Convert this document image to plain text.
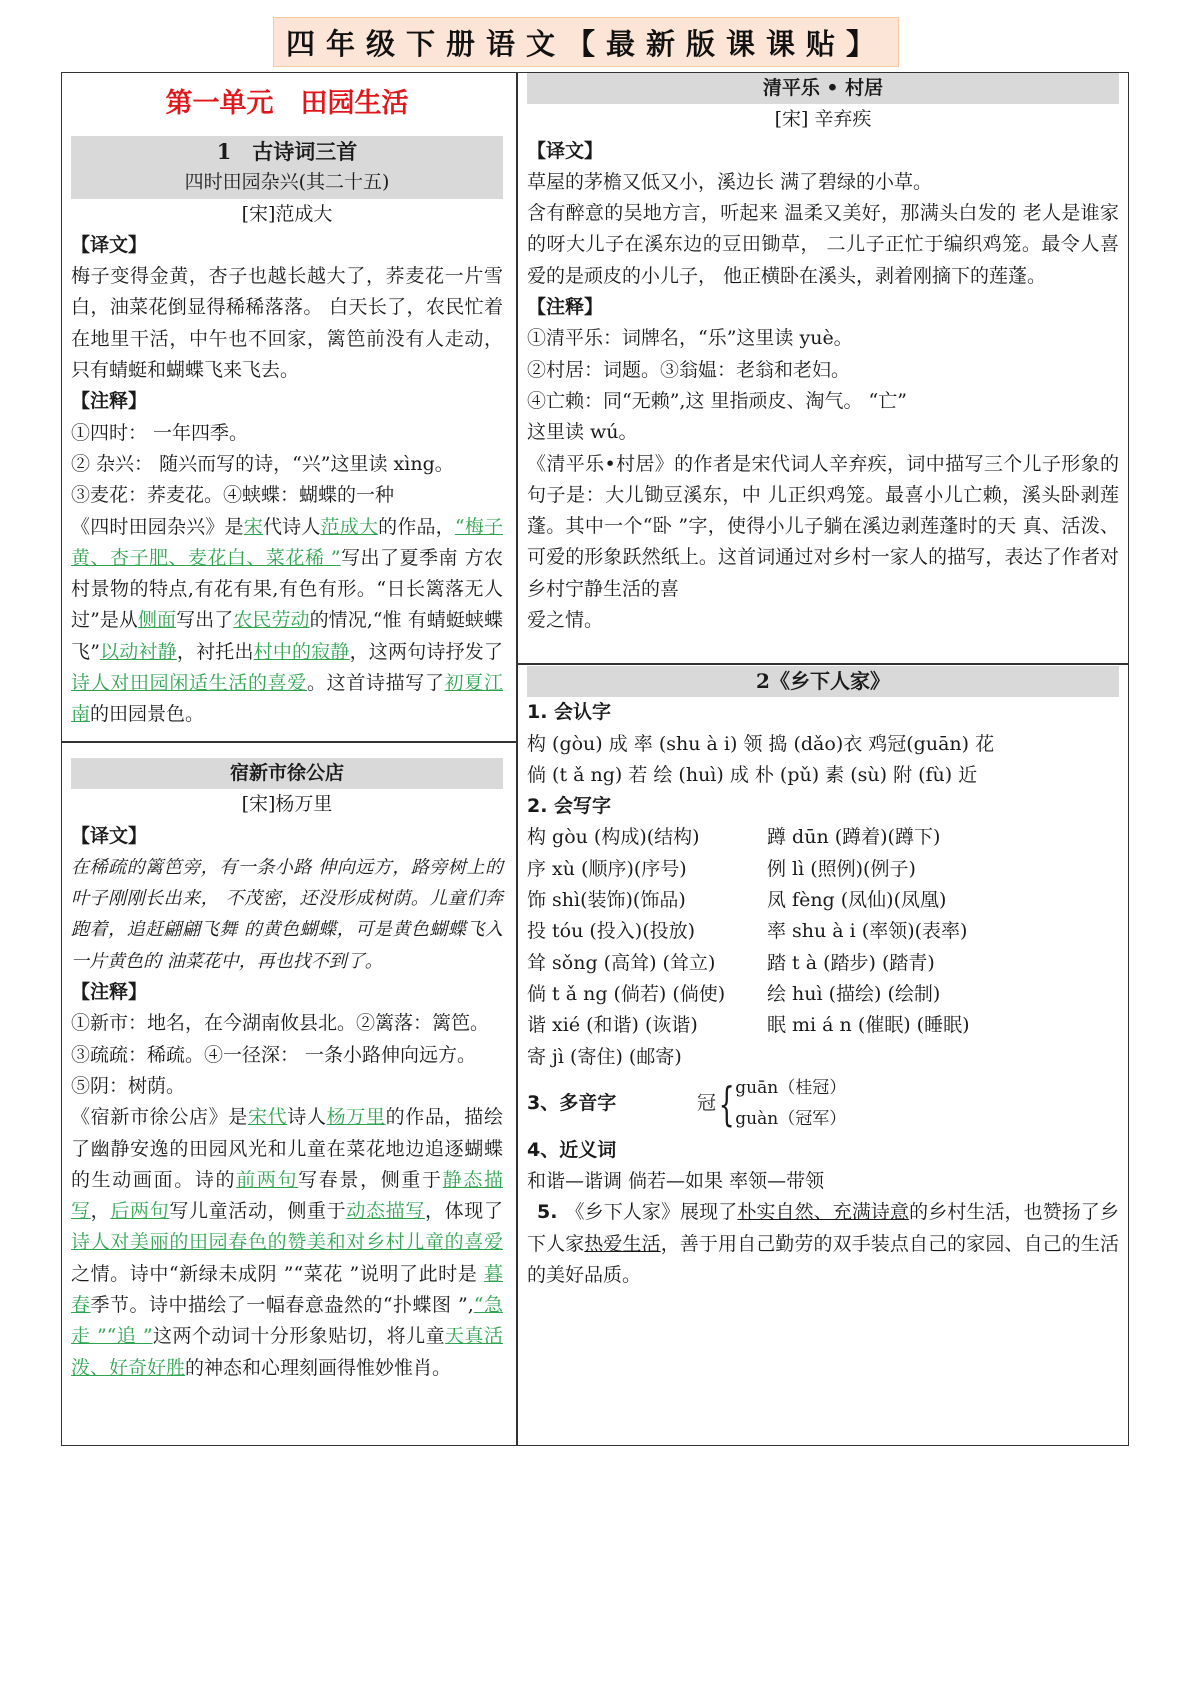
四年级下册语文【最新版课课贴】

第一单元　田园生活

1　古诗词三首

四时田园杂兴(其二十五)

[宋]范成大

【译文】

梅子变得金黄，杏子也越长越大了，荞麦花一片雪白，油菜花倒显得稀稀落落。 白天长了，农民忙着在地里干活，中午也不回家，篱笆前没有人走动，只有蜻蜓和蝴蝶飞来飞去。

【注释】

①四时： 一年四季。

② 杂兴： 随兴而写的诗，“兴”这里读 xìng。

③麦花：荞麦花。④蛱蝶：蝴蝶的一种

《四时田园杂兴》是宋代诗人范成大的作品，“梅子黄、杏子肥、麦花白、菜花稀 ”写出了夏季南 方农村景物的特点,有花有果,有色有形。“日长篱落无人过”是从侧面写出了农民劳动的情况,“惟 有蜻蜓蛱蝶飞”以动衬静，衬托出村中的寂静，这两句诗抒发了诗人对田园闲适生活的喜爱。这首诗描写了初夏江南的田园景色。

宿新市徐公店

[宋]杨万里

【译文】

在稀疏的篱笆旁，有一条小路 伸向远方，路旁树上的叶子刚刚长出来， 不茂密，还没形成树荫。儿童们奔跑着，追赶翩翩飞舞 的黄色蝴蝶，可是黄色蝴蝶飞入一片黄色的 油菜花中，再也找不到了。

【注释】

①新市：地名，在今湖南攸县北。②篱落：篱笆。

③疏疏：稀疏。④一径深： 一条小路伸向远方。

⑤阴：树荫。

《宿新市徐公店》是宋代诗人杨万里的作品，描绘了幽静安逸的田园风光和儿童在菜花地边追逐蝴蝶的生动画面。诗的前两句写春景，侧重于静态描写，后两句写儿童活动，侧重于动态描写，体现了 诗人对美丽的田园春色的赞美和对乡村儿童的喜爱之情。诗中“新绿未成阴 ”“菜花 ”说明了此时是 暮春季节。诗中描绘了一幅春意盎然的“扑蝶图 ”,“急走 ”“追 ”这两个动词十分形象贴切，将儿童天真活泼、好奇好胜的神态和心理刻画得惟妙惟肖。

清平乐 • 村居

[宋] 辛弃疾

【译文】

草屋的茅檐又低又小，溪边长 满了碧绿的小草。

含有醉意的吴地方言，听起来 温柔又美好，那满头白发的 老人是谁家的呀大儿子在溪东边的豆田锄草， 二儿子正忙于编织鸡笼。最令人喜爱的是顽皮的小儿子， 他正横卧在溪头，剥着刚摘下的莲蓬。

【注释】

①清平乐：词牌名，“乐”这里读 yuè。

②村居：词题。③翁媪：老翁和老妇。

④亡赖：同“无赖”,这 里指顽皮、淘气。 “亡”

这里读 wú。

《清平乐•村居》的作者是宋代词人辛弃疾，词中描写三个儿子形象的句子是：大儿锄豆溪东，中 儿正织鸡笼。最喜小儿亡赖，溪头卧剥莲蓬。其中一个“卧 ”字，使得小儿子躺在溪边剥莲蓬时的天 真、活泼、可爱的形象跃然纸上。这首词通过对乡村一家人的描写，表达了作者对乡村宁静生活的喜

爱之情。

2《乡下人家》

1. 会认字

构 (gòu) 成 率 (shu à i) 领 捣 (dǎo)衣 鸡冠(guān) 花

倘 (t ǎ ng) 若 绘 (huì) 成 朴 (pǔ) 素 (sù) 附 (fù) 近

2. 会写字

构 gòu (构成)(结构)	蹲 dūn (蹲着)(蹲下)

序 xù (顺序)(序号)	例 lì (照例)(例子)

饰 shì(装饰)(饰品)	凤 fèng (凤仙)(凤凰)

投 tóu (投入)(投放)	率 shu à i (率领)(表率)

耸 sǒng (高耸) (耸立)	踏 t à (踏步) (踏青)

倘 t ǎ ng (倘若) (倘使)	绘 huì (描绘) (绘制)

谐 xié (和谐) (诙谐)	眠 mi á n (催眠) (睡眠)

寄 jì (寄住) (邮寄)

3、多音字	冠 { guān（桂冠）
guàn（冠军）

4、近义词

和谐—谐调 倘若—如果 率领—带领

5. 《乡下人家》展现了朴实自然、充满诗意的乡村生活，也赞扬了乡下人家热爱生活，善于用自己勤劳的双手装点自己的家园、自己的生活的美好品质。
